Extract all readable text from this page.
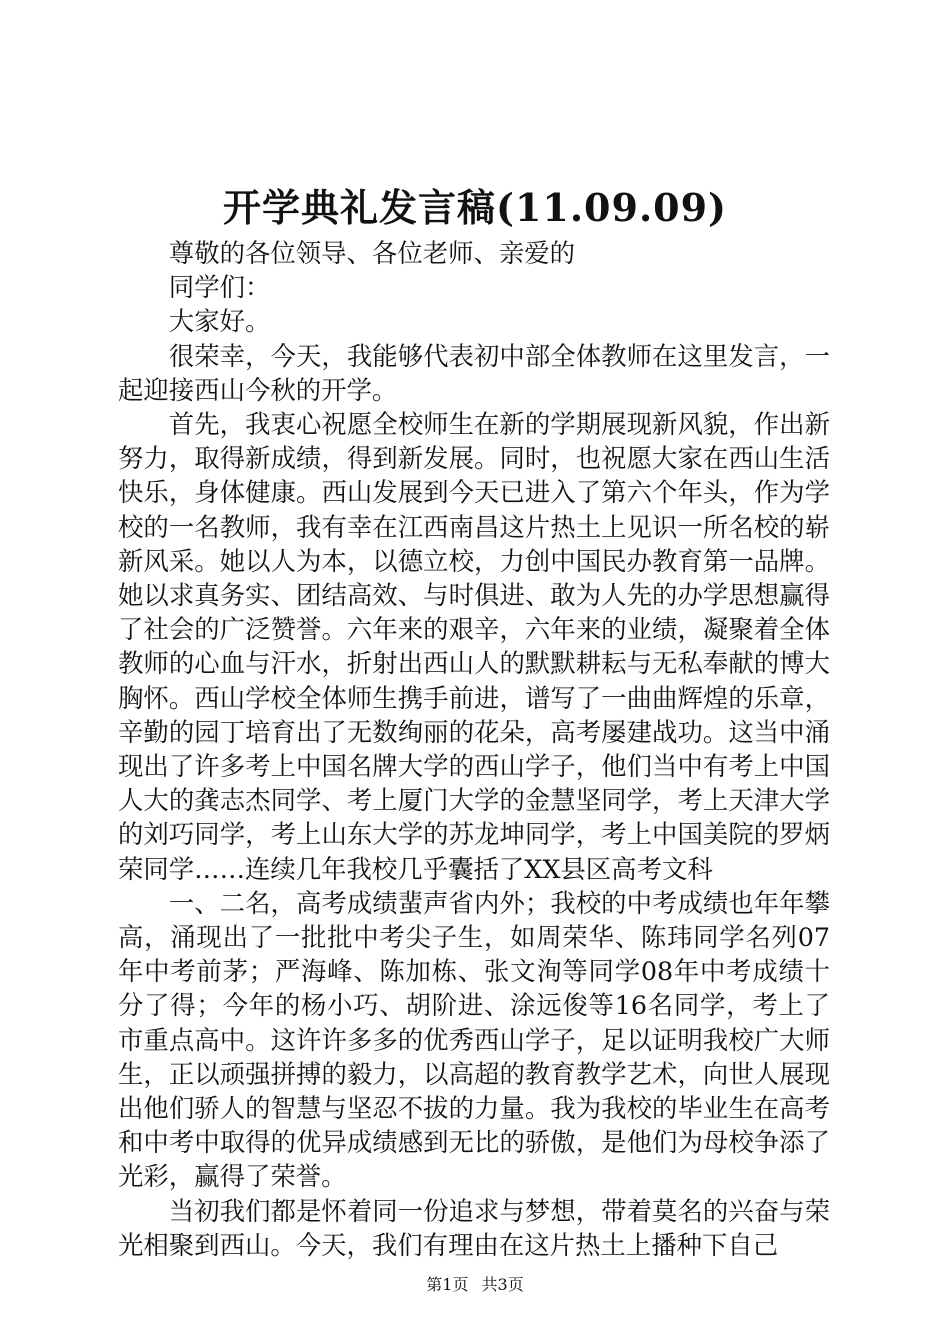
开学典礼发言稿(11.09.09)

尊敬的各位领导、各位老师、亲爱的

同学们：

大家好。

很荣幸，今天，我能够代表初中部全体教师在这里发言，一起迎接西山今秋的开学。

首先，我衷心祝愿全校师生在新的学期展现新风貌，作出新努力，取得新成绩，得到新发展。同时，也祝愿大家在西山生活快乐，身体健康。西山发展到今天已进入了第六个年头，作为学校的一名教师，我有幸在江西南昌这片热土上见识一所名校的崭新风采。她以人为本，以德立校，力创中国民办教育第一品牌。她以求真务实、团结高效、与时俱进、敢为人先的办学思想赢得了社会的广泛赞誉。六年来的艰辛，六年来的业绩，凝聚着全体教师的心血与汗水，折射出西山人的默默耕耘与无私奉献的博大胸怀。西山学校全体师生携手前进，谱写了一曲曲辉煌的乐章，辛勤的园丁培育出了无数绚丽的花朵，高考屡建战功。这当中涌现出了许多考上中国名牌大学的西山学子，他们当中有考上中国人大的龚志杰同学、考上厦门大学的金慧坚同学，考上天津大学的刘巧同学，考上山东大学的苏龙坤同学，考上中国美院的罗炳荣同学……连续几年我校几乎囊括了XX县区高考文科

一、二名，高考成绩蜚声省内外；我校的中考成绩也年年攀高，涌现出了一批批中考尖子生，如周荣华、陈玮同学名列07年中考前茅；严海峰、陈加栋、张文洵等同学08年中考成绩十分了得；今年的杨小巧、胡阶进、涂远俊等16名同学，考上了市重点高中。这许许多多的优秀西山学子，足以证明我校广大师生，正以顽强拼搏的毅力，以高超的教育教学艺术，向世人展现出他们骄人的智慧与坚忍不拔的力量。我为我校的毕业生在高考和中考中取得的优异成绩感到无比的骄傲，是他们为母校争添了光彩，赢得了荣誉。

当初我们都是怀着同一份追求与梦想，带着莫名的兴奋与荣光相聚到西山。今天，我们有理由在这片热土上播种下自己

第1页 共3页
